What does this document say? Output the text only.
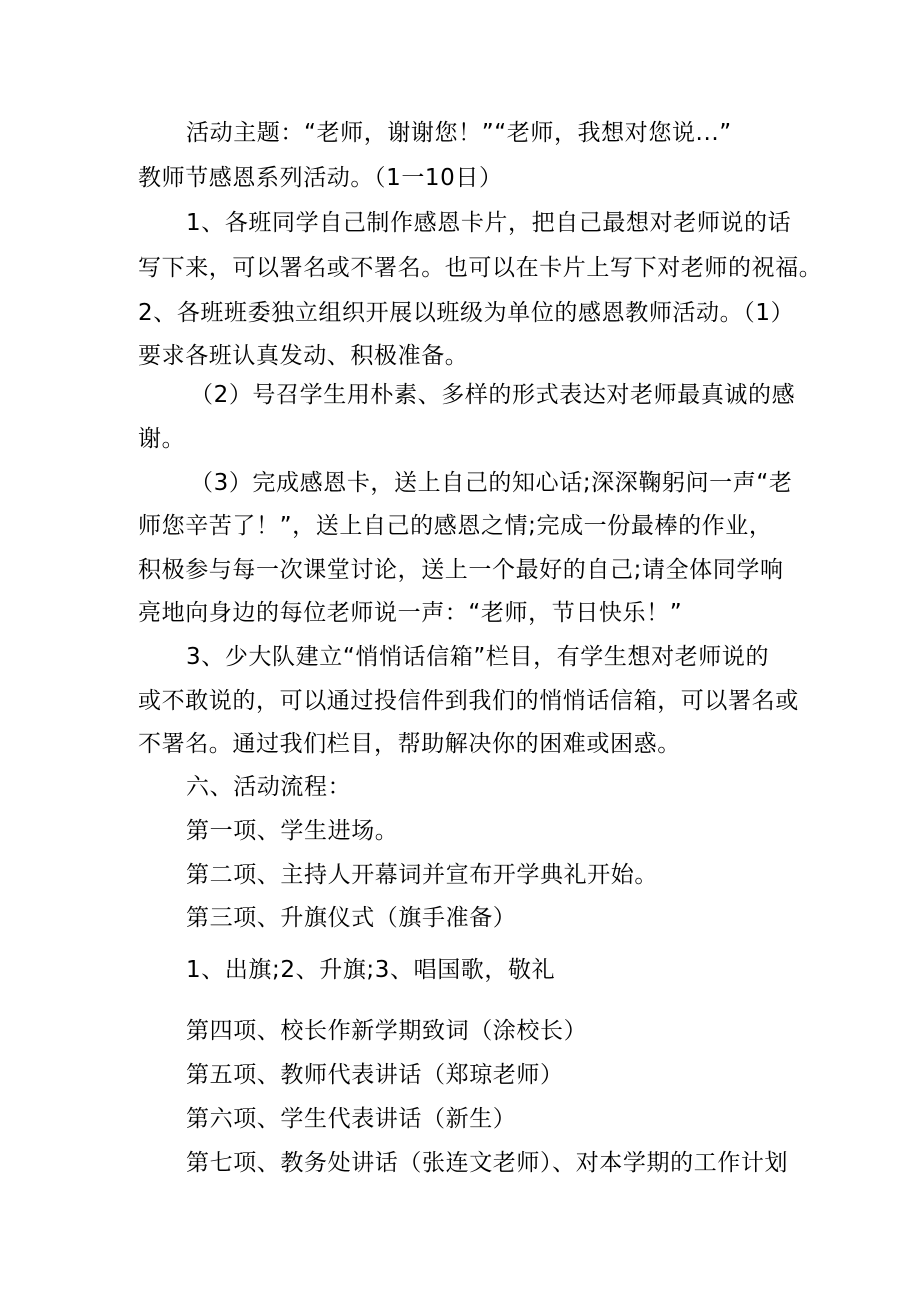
活动主题：“老师，谢谢您！”“老师，我想对您说...”
教师节感恩系列活动。（1一10日）
1、各班同学自己制作感恩卡片，把自己最想对老师说的话
写下来，可以署名或不署名。也可以在卡片上写下对老师的祝福。
2、各班班委独立组织开展以班级为单位的感恩教师活动。（1）
要求各班认真发动、积极准备。
（2）号召学生用朴素、多样的形式表达对老师最真诚的感
谢。
（3）完成感恩卡，送上自己的知心话;深深鞠躬问一声“老
师您辛苦了！”，送上自己的感恩之情;完成一份最棒的作业，
积极参与每一次课堂讨论，送上一个最好的自己;请全体同学响
亮地向身边的每位老师说一声：“老师，节日快乐！”
3、少大队建立“悄悄话信箱”栏目，有学生想对老师说的
或不敢说的，可以通过投信件到我们的悄悄话信箱，可以署名或
不署名。通过我们栏目，帮助解决你的困难或困惑。
六、活动流程：
第一项、学生进场。
第二项、主持人开幕词并宣布开学典礼开始。
第三项、升旗仪式（旗手准备）
1、出旗;2、升旗;3、唱国歌，敬礼
第四项、校长作新学期致词（涂校长）
第五项、教师代表讲话（郑琼老师）
第六项、学生代表讲话（新生）
第七项、教务处讲话（张连文老师）、对本学期的工作计划
